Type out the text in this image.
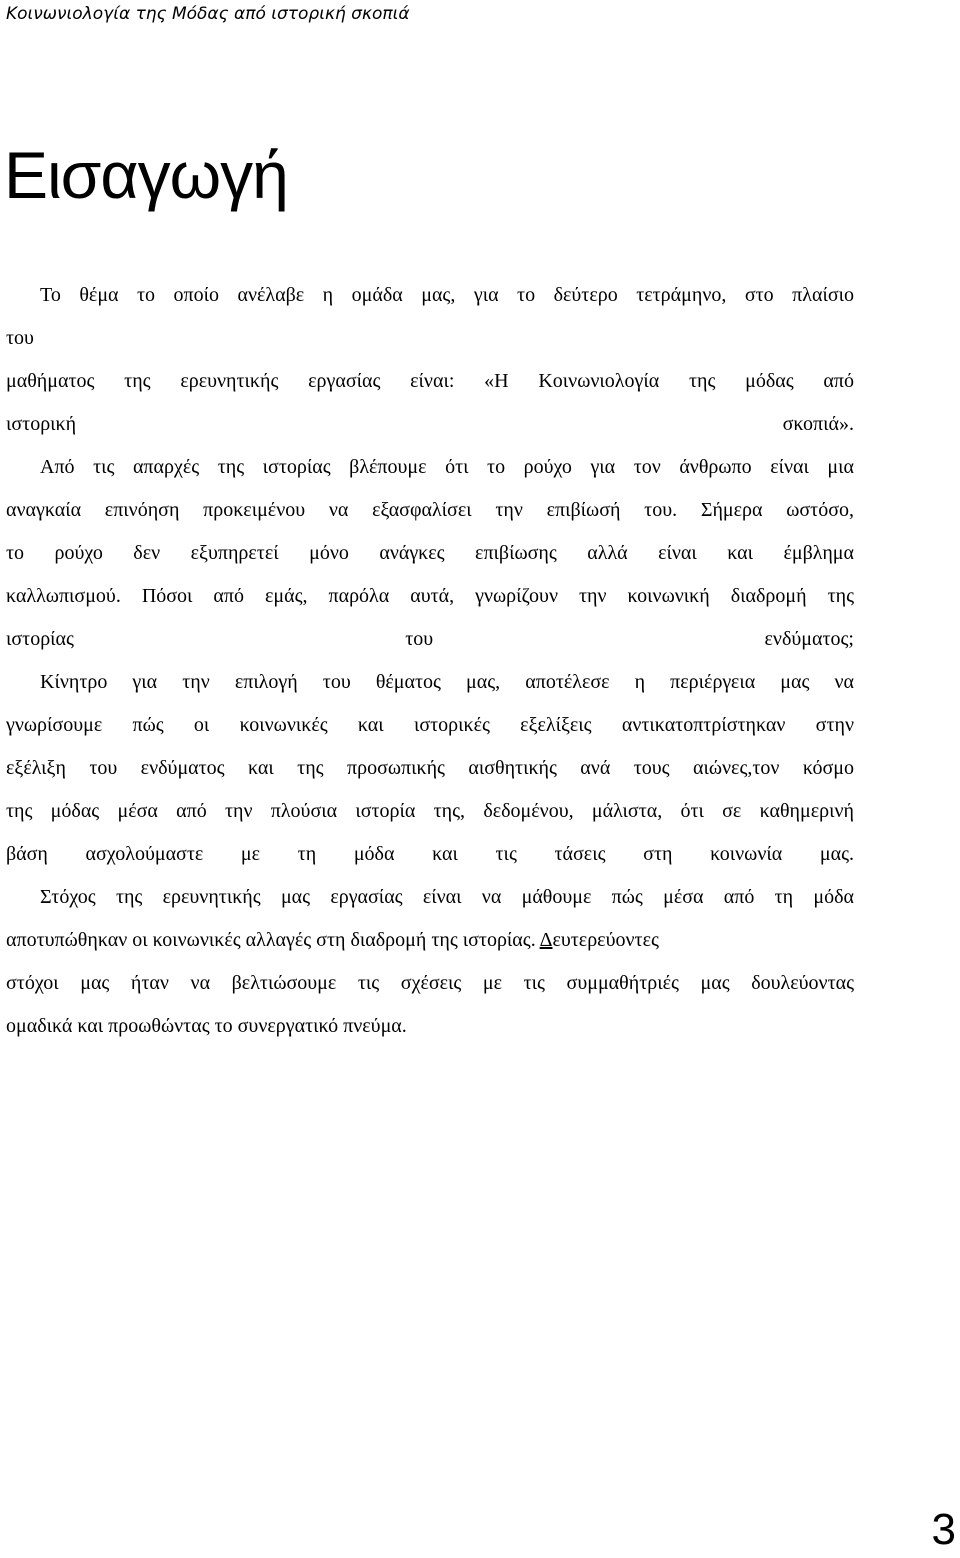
Κοινωνιολογία της Μόδας από ιστορική σκοπιά
Εισαγωγή
Το θέμα το οποίο ανέλαβε η ομάδα μας, για το δεύτερο τετράμηνο, στο πλαίσιο
του
μαθήματος της ερευνητικής εργασίας είναι: «Η Κοινωνιολογία της μόδας από
ιστορική σκοπιά».
Από τις απαρχές της ιστορίας βλέπουμε ότι το ρούχο για τον άνθρωπο είναι μια
αναγκαία επινόηση προκειμένου να εξασφαλίσει την επιβίωσή του. Σήμερα ωστόσο,
το ρούχο δεν εξυπηρετεί μόνο ανάγκες επιβίωσης αλλά είναι και έμβλημα
καλλωπισμού. Πόσοι από εμάς, παρόλα αυτά, γνωρίζουν την κοινωνική διαδρομή της
ιστορίας του ενδύματος;
Κίνητρο για την επιλογή του θέματος μας, αποτέλεσε η περιέργεια μας να
γνωρίσουμε πώς οι κοινωνικές και ιστορικές εξελίξεις αντικατοπτρίστηκαν στην
εξέλιξη του ενδύματος και της προσωπικής αισθητικής ανά τους αιώνες,τον κόσμο
της μόδας μέσα από την πλούσια ιστορία της, δεδομένου, μάλιστα, ότι σε καθημερινή
βάση ασχολούμαστε με τη μόδα και τις τάσεις στη κοινωνία μας.
Στόχος της ερευνητικής μας εργασίας είναι να μάθουμε πώς μέσα από τη μόδα
αποτυπώθηκαν οι κοινωνικές αλλαγές στη διαδρομή της ιστορίας. Δευτερεύοντες
στόχοι μας ήταν να βελτιώσουμε τις σχέσεις με τις συμμαθήτριές μας δουλεύοντας
ομαδικά και προωθώντας το συνεργατικό πνεύμα.
3
